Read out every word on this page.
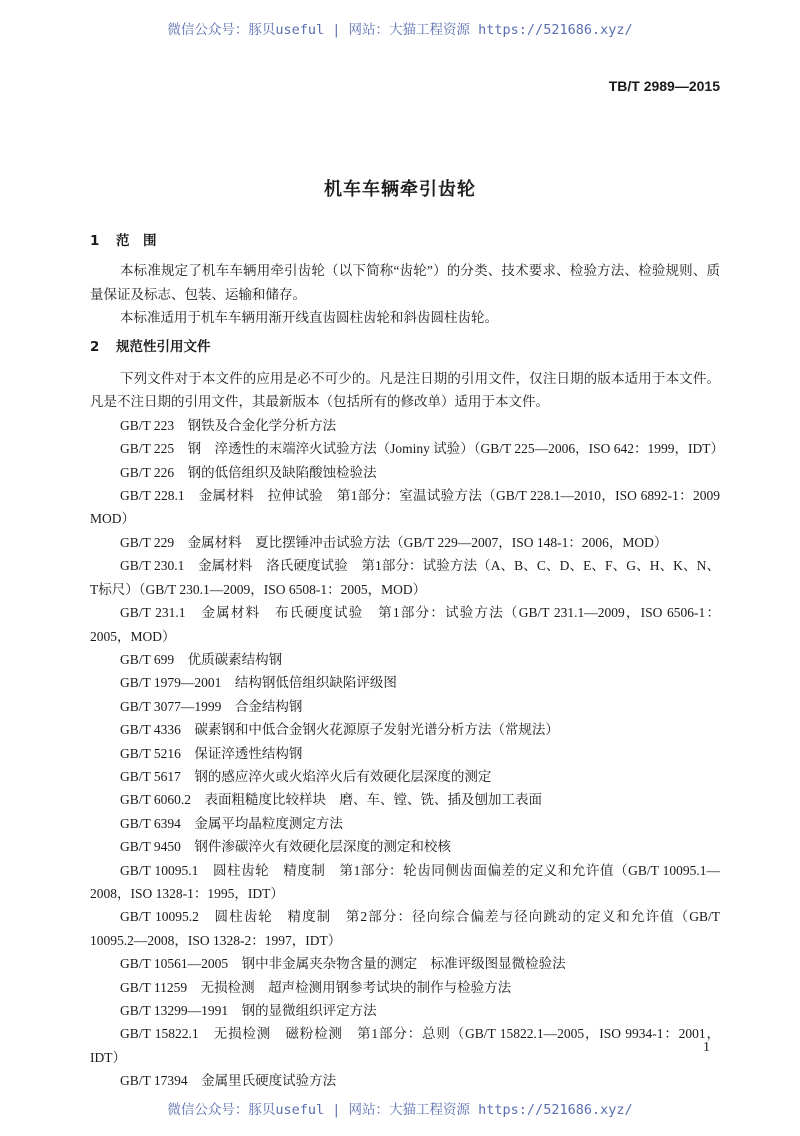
微信公众号：豚贝useful | 网站：大猫工程资源 https://521686.xyz/
TB/T 2989—2015
机车车辆牵引齿轮

1 范　围

本标准规定了机车车辆用牵引齿轮（以下简称“齿轮”）的分类、技术要求、检验方法、检验规则、质量保证及标志、包装、运输和储存。

本标准适用于机车车辆用渐开线直齿圆柱齿轮和斜齿圆柱齿轮。

2 规范性引用文件

下列文件对于本文件的应用是必不可少的。凡是注日期的引用文件，仅注日期的版本适用于本文件。凡是不注日期的引用文件，其最新版本（包括所有的修改单）适用于本文件。

GB/T 223　钢铁及合金化学分析方法

GB/T 225　钢　淬透性的末端淬火试验方法（Jominy 试验）（GB/T 225—2006，ISO 642：1999，IDT）

GB/T 226　钢的低倍组织及缺陷酸蚀检验法

GB/T 228.1　金属材料　拉伸试验　第1部分：室温试验方法（GB/T 228.1—2010，ISO 6892-1：2009 MOD）

GB/T 229　金属材料　夏比摆锤冲击试验方法（GB/T 229—2007，ISO 148-1：2006，MOD）

GB/T 230.1　金属材料　洛氏硬度试验　第1部分：试验方法（A、B、C、D、E、F、G、H、K、N、T标尺）（GB/T 230.1—2009，ISO 6508-1：2005，MOD）

GB/T 231.1　金属材料　布氏硬度试验　第1部分：试验方法（GB/T 231.1—2009，ISO 6506-1：2005，MOD）

GB/T 699　优质碳素结构钢

GB/T 1979—2001　结构钢低倍组织缺陷评级图

GB/T 3077—1999　合金结构钢

GB/T 4336　碳素钢和中低合金钢火花源原子发射光谱分析方法（常规法）

GB/T 5216　保证淬透性结构钢

GB/T 5617　钢的感应淬火或火焰淬火后有效硬化层深度的测定

GB/T 6060.2　表面粗糙度比较样块　磨、车、镗、铣、插及刨加工表面

GB/T 6394　金属平均晶粒度测定方法

GB/T 9450　钢件渗碳淬火有效硬化层深度的测定和校核

GB/T 10095.1　圆柱齿轮　精度制　第1部分：轮齿同侧齿面偏差的定义和允许值（GB/T 10095.1—2008，ISO 1328-1：1995，IDT）

GB/T 10095.2　圆柱齿轮　精度制　第2部分：径向综合偏差与径向跳动的定义和允许值（GB/T 10095.2—2008，ISO 1328-2：1997，IDT）

GB/T 10561—2005　钢中非金属夹杂物含量的测定　标准评级图显微检验法

GB/T 11259　无损检测　超声检测用钢参考试块的制作与检验方法

GB/T 13299—1991　钢的显微组织评定方法

GB/T 15822.1　无损检测　磁粉检测　第1部分：总则（GB/T 15822.1—2005，ISO 9934-1：2001，IDT）

GB/T 17394　金属里氏硬度试验方法

1
微信公众号：豚贝useful | 网站：大猫工程资源 https://521686.xyz/
